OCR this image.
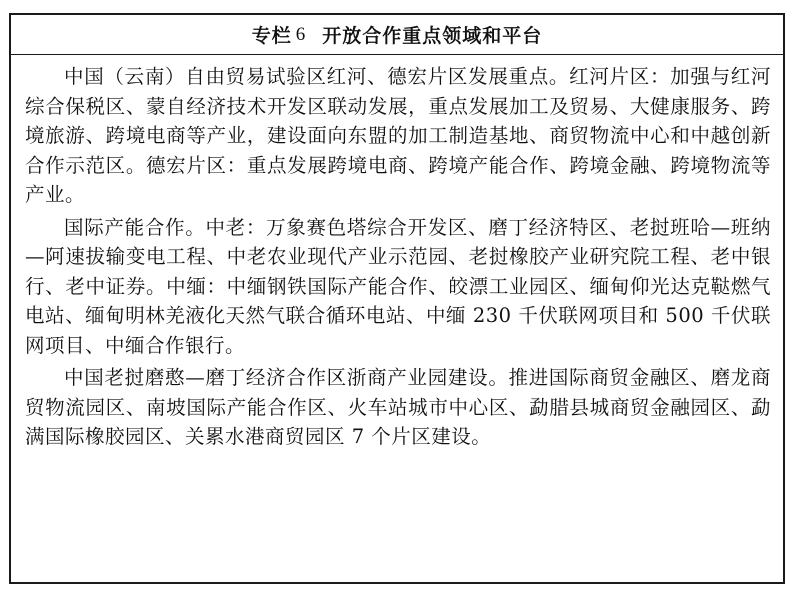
专栏 6 开放合作重点领域和平台

中国（云南）自由贸易试验区红河、德宏片区发展重点。红河片区：加强与红河综合保税区、蒙自经济技术开发区联动发展，重点发展加工及贸易、大健康服务、跨境旅游、跨境电商等产业，建设面向东盟的加工制造基地、商贸物流中心和中越创新合作示范区。德宏片区：重点发展跨境电商、跨境产能合作、跨境金融、跨境物流等产业。

国际产能合作。中老：万象赛色塔综合开发区、磨丁经济特区、老挝班哈—班纳—阿速拔输变电工程、中老农业现代产业示范园、老挝橡胶产业研究院工程、老中银行、老中证券。中缅：中缅钢铁国际产能合作、皎漂工业园区、缅甸仰光达克鞑燃气电站、缅甸明林羌液化天然气联合循环电站、中缅 230 千伏联网项目和 500 千伏联网项目、中缅合作银行。

中国老挝磨憨—磨丁经济合作区浙商产业园建设。推进国际商贸金融区、磨龙商贸物流园区、南坡国际产能合作区、火车站城市中心区、勐腊县城商贸金融园区、勐满国际橡胶园区、关累水港商贸园区 7 个片区建设。
